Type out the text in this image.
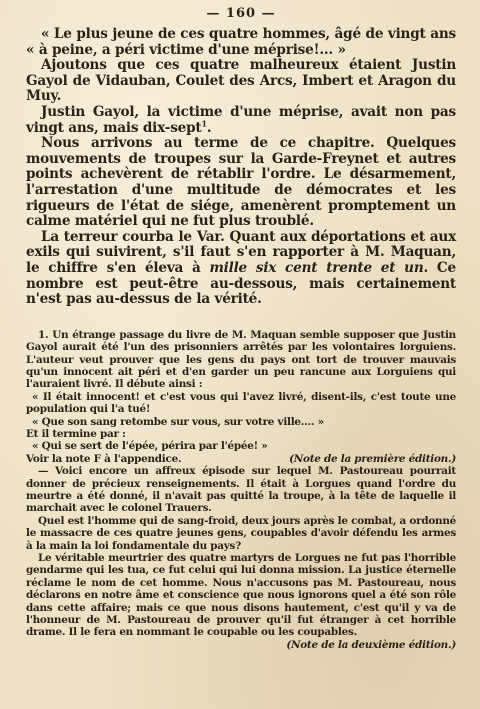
— 160 —

« Le plus jeune de ces quatre hommes, âgé de vingt ans « à peine, a péri victime d'une méprise!... »

Ajoutons que ces quatre malheureux étaient Justin Gayol de Vidauban, Coulet des Arcs, Imbert et Aragon du Muy.

Justin Gayol, la victime d'une méprise, avait non pas vingt ans, mais dix-sept$^1$.

Nous arrivons au terme de ce chapitre. Quelques mouvements de troupes sur la Garde-Freynet et autres points achevèrent de rétablir l'ordre. Le désarmement, l'arrestation d'une multitude de démocrates et les rigueurs de l'état de siége, amenèrent promptement un calme matériel qui ne fut plus troublé.

La terreur courba le Var. Quant aux déportations et aux exils qui suivirent, s'il faut s'en rapporter à M. Maquan, le chiffre s'en éleva à mille six cent trente et un. Ce nombre est peut-être au-dessous, mais certainement n'est pas au-dessus de la vérité.

1. Un étrange passage du livre de M. Maquan semble supposer que Justin Gayol aurait été l'un des prisonniers arrêtés par les volontaires lorguiens. L'auteur veut prouver que les gens du pays ont tort de trouver mauvais qu'un innocent ait péri et d'en garder un peu rancune aux Lorguiens qui l'auraient livré. Il débute ainsi :

« Il était innocent! et c'est vous qui l'avez livré, disent-ils, c'est toute une population qui l'a tué!

« Que son sang retombe sur vous, sur votre ville.... »

Et il termine par :

« Qui se sert de l'épée, périra par l'épée! »

Voir la note F à l'appendice.	(Note de la première édition.)

— Voici encore un affreux épisode sur lequel M. Pastoureau pourrait donner de précieux renseignements. Il était à Lorgues quand l'ordre du meurtre a été donné, il n'avait pas quitté la troupe, à la tête de laquelle il marchait avec le colonel Trauers.

Quel est l'homme qui de sang-froid, deux jours après le combat, a ordonné le massacre de ces quatre jeunes gens, coupables d'avoir défendu les armes à la main la loi fondamentale du pays?

Le véritable meurtrier des quatre martyrs de Lorgues ne fut pas l'horrible gendarme qui les tua, ce fut celui qui lui donna mission. La justice éternelle réclame le nom de cet homme. Nous n'accusons pas M. Pastoureau, nous déclarons en notre âme et conscience que nous ignorons quel a été son rôle dans cette affaire; mais ce que nous disons hautement, c'est qu'il y va de l'honneur de M. Pastoureau de prouver qu'il fut étranger à cet horrible drame. Il le fera en nommant le coupable ou les coupables.
(Note de la deuxième édition.)
